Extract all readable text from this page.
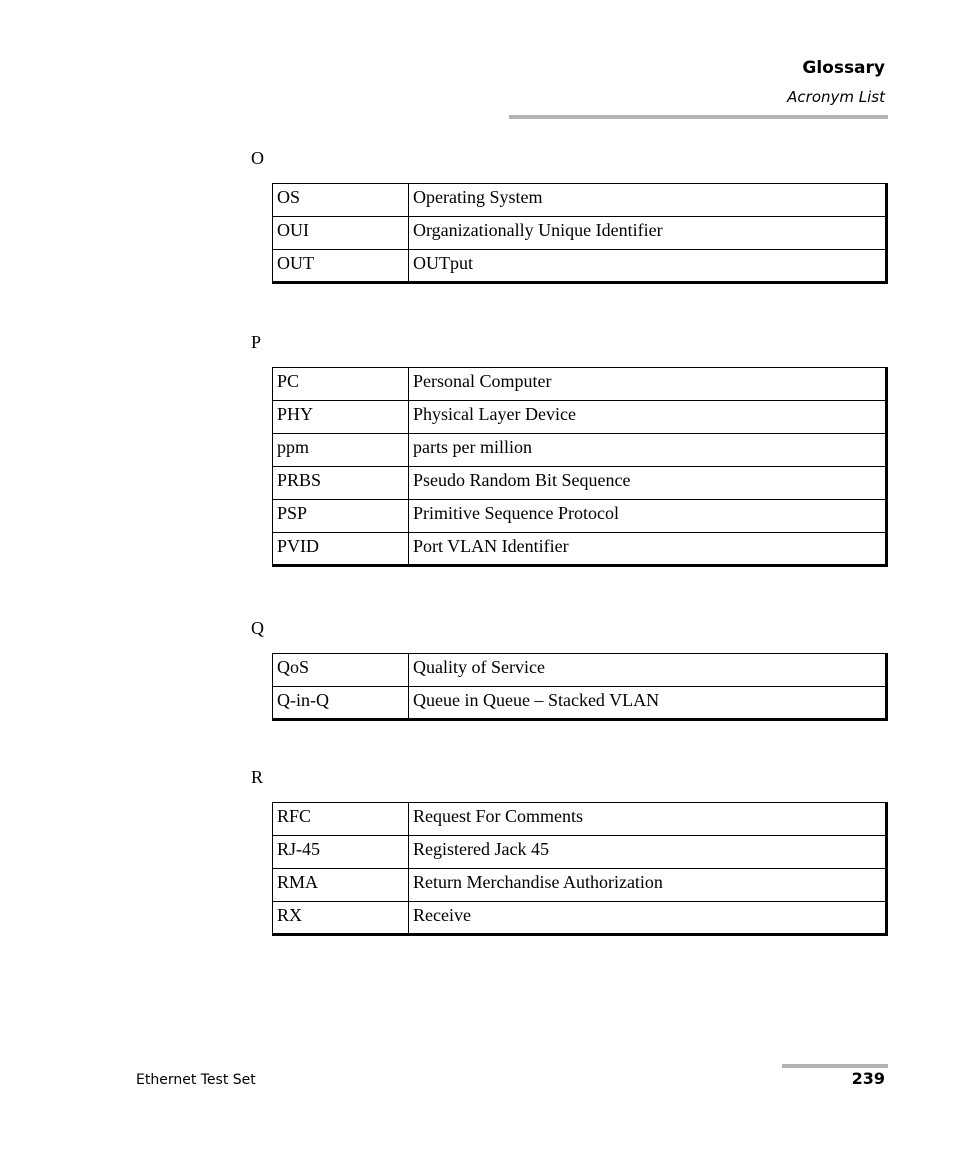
Glossary
Acronym List
O
OS	Operating System
OUI	Organizationally Unique Identifier
OUT	OUTput
P
PC	Personal Computer
PHY	Physical Layer Device
ppm	parts per million
PRBS	Pseudo Random Bit Sequence
PSP	Primitive Sequence Protocol
PVID	Port VLAN Identifier
Q
QoS	Quality of Service
Q-in-Q	Queue in Queue – Stacked VLAN
R
RFC	Request For Comments
RJ-45	Registered Jack 45
RMA	Return Merchandise Authorization
RX	Receive
Ethernet Test Set	239
